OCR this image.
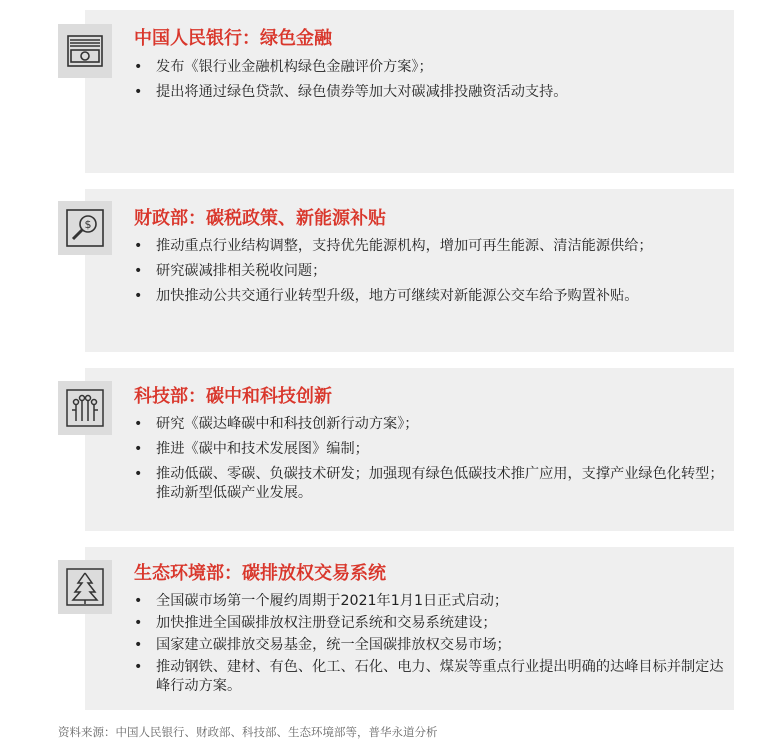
中国人民银行：绿色金融
• 发布《银行业金融机构绿色金融评价方案》；
• 提出将通过绿色贷款、绿色债券等加大对碳减排投融资活动支持。
$ 财政部：碳税政策、新能源补贴
• 推动重点行业结构调整，支持优先能源机构，增加可再生能源、清洁能源供给；
• 研究碳减排相关税收问题；
• 加快推动公共交通行业转型升级，地方可继续对新能源公交车给予购置补贴。
科技部：碳中和科技创新
• 研究《碳达峰碳中和科技创新行动方案》；
• 推进《碳中和技术发展图》编制；
• 推动低碳、零碳、负碳技术研发；加强现有绿色低碳技术推广应用，支撑产业绿色化转型；推动新型低碳产业发展。
生态环境部：碳排放权交易系统
• 全国碳市场第一个履约周期于2021年1月1日正式启动；
• 加快推进全国碳排放权注册登记系统和交易系统建设；
• 国家建立碳排放交易基金，统一全国碳排放权交易市场；
• 推动钢铁、建材、有色、化工、石化、电力、煤炭等重点行业提出明确的达峰目标并制定达峰行动方案。
资料来源：中国人民银行、财政部、科技部、生态环境部等，普华永道分析
